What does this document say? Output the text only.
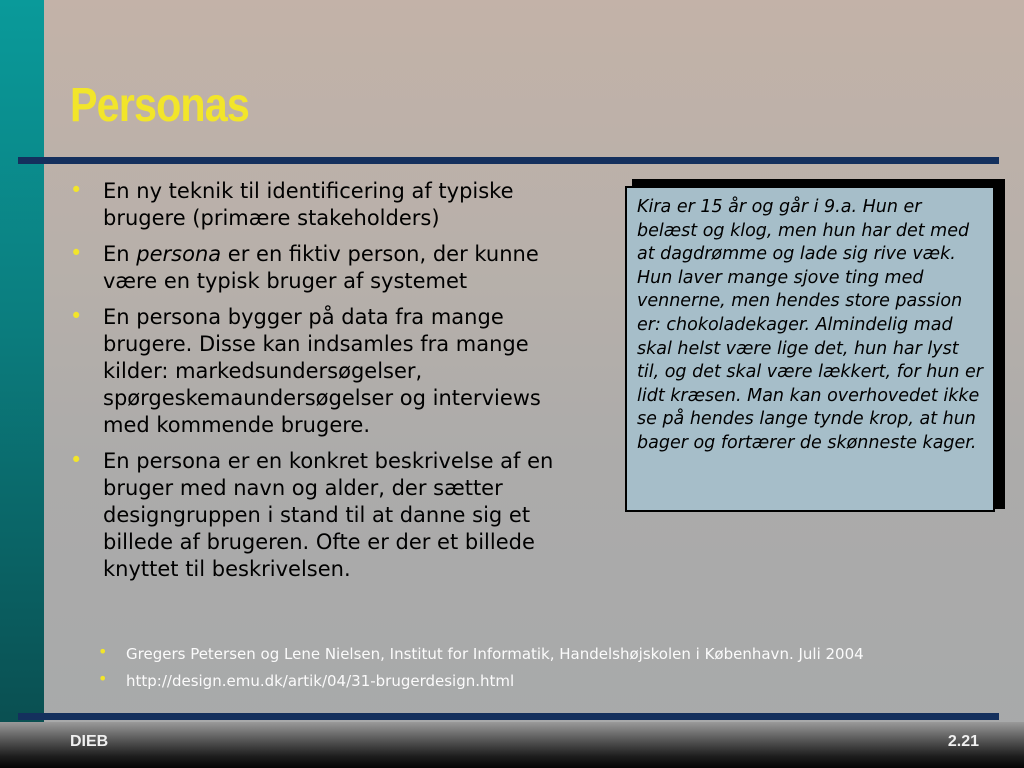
Personas
• En ny teknik til identificering af typiske brugere (primære stakeholders)
• En persona er en fiktiv person, der kunne være en typisk bruger af systemet
• En persona bygger på data fra mange brugere. Disse kan indsamles fra mange kilder: markedsundersøgelser, spørgeskemaundersøgelser og interviews med kommende brugere.
• En persona er en konkret beskrivelse af en bruger med navn og alder, der sætter designgruppen i stand til at danne sig et billede af brugeren. Ofte er der et billede knyttet til beskrivelsen.
Kira er 15 år og går i 9.a. Hun er belæst og klog, men hun har det med at dagdrømme og lade sig rive væk. Hun laver mange sjove ting med vennerne, men hendes store passion er: chokoladekager. Almindelig mad skal helst være lige det, hun har lyst til, og det skal være lækkert, for hun er lidt kræsen. Man kan overhovedet ikke se på hendes lange tynde krop, at hun bager og fortærer de skønneste kager.
• Gregers Petersen og Lene Nielsen, Institut for Informatik, Handelshøjskolen i København. Juli 2004
• http://design.emu.dk/artik/04/31-brugerdesign.html
DIEB	2.21
